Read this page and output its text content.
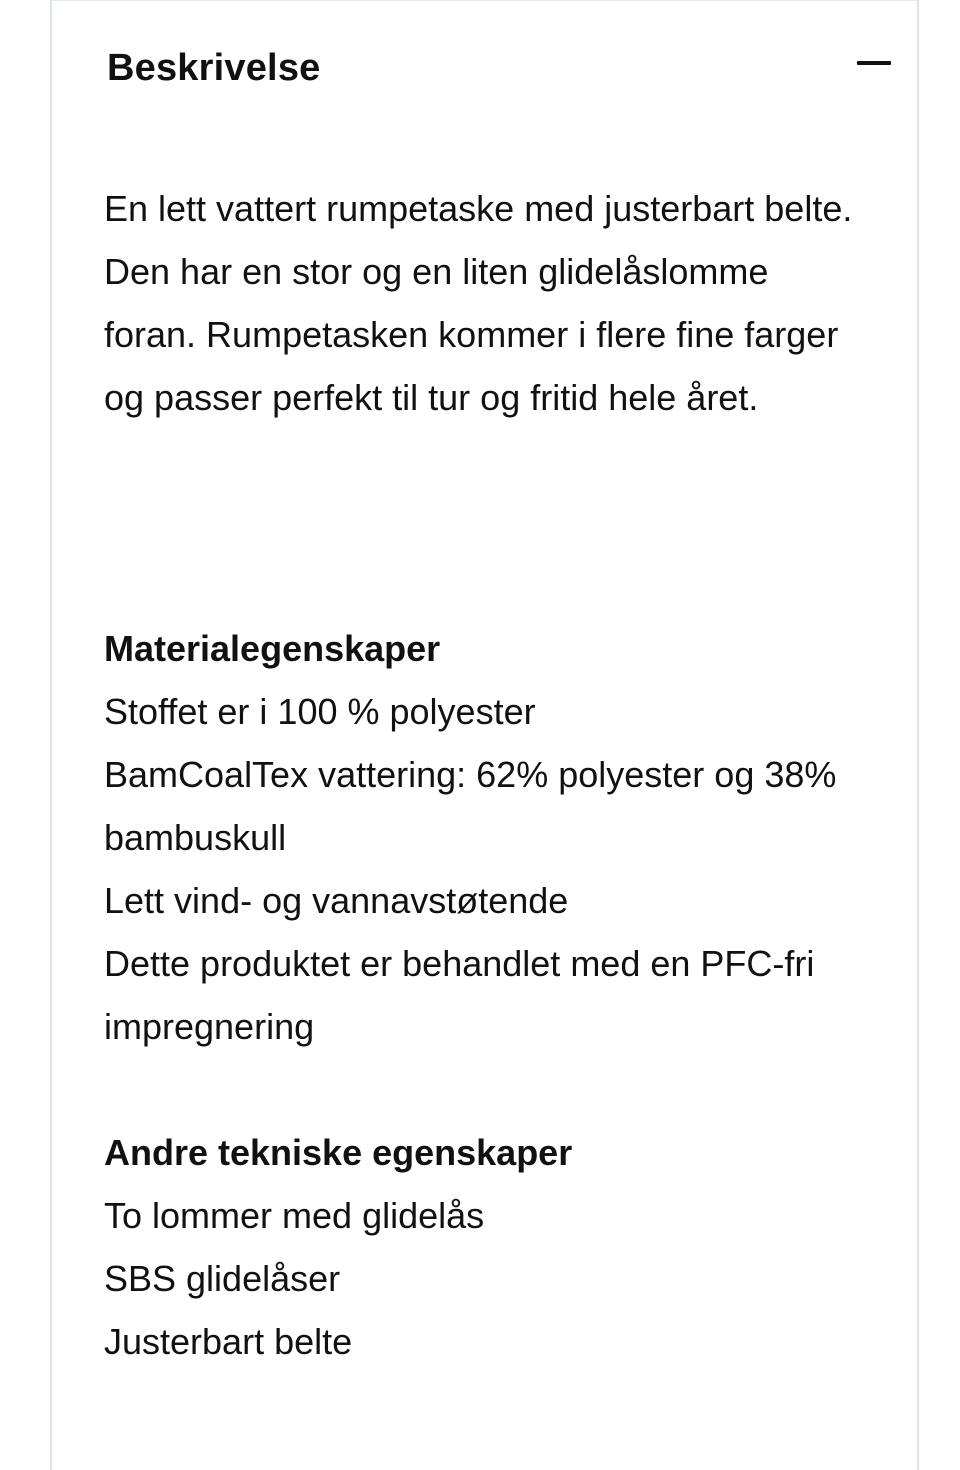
Beskrivelse

En lett vattert rumpetaske med justerbart belte. Den har en stor og en liten glidelåslomme foran. Rumpetasken kommer i flere fine farger og passer perfekt til tur og fritid hele året.

Materialegenskaper
Stoffet er i 100 % polyester
BamCoalTex vattering: 62% polyester og 38% bambuskull
Lett vind- og vannavstøtende
Dette produktet er behandlet med en PFC-fri impregnering
Andre tekniske egenskaper
To lommer med glidelås
SBS glidelåser
Justerbart belte
